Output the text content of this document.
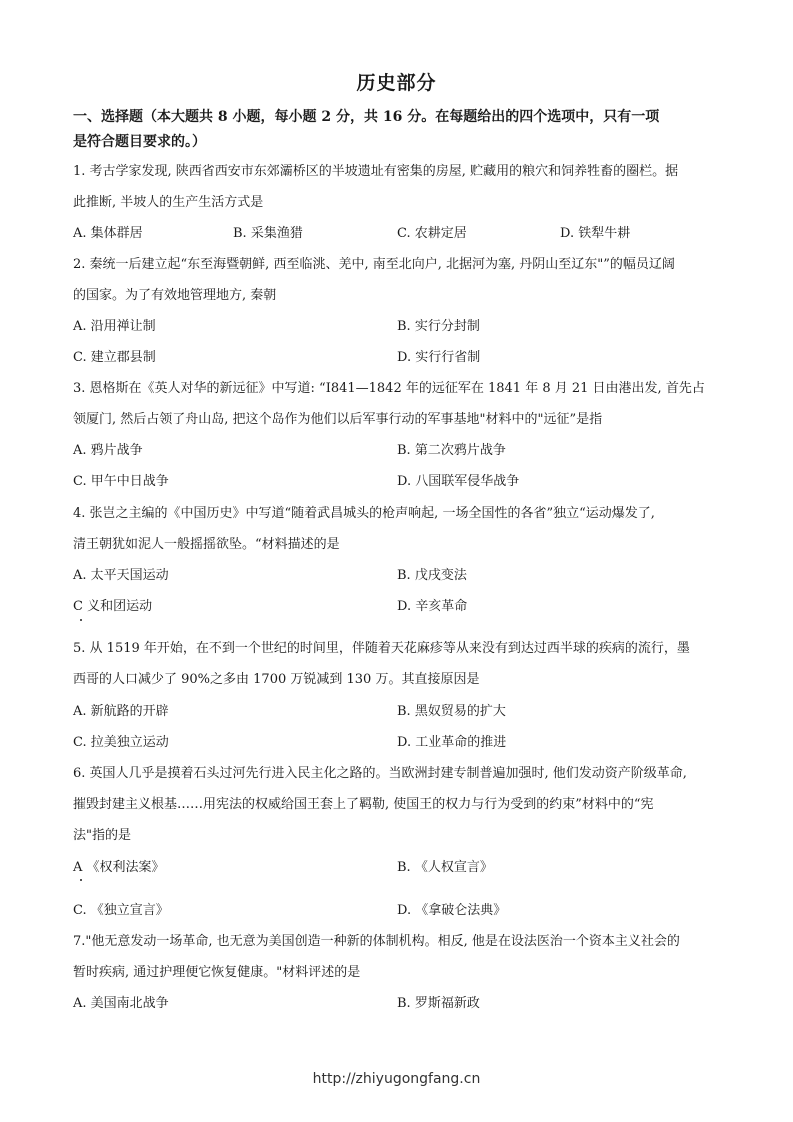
历史部分
一、选择题（本大题共 8 小题，每小题 2 分，共 16 分。在每题给出的四个选项中，只有一项
是符合题目要求的。）
1. 考古学家发现, 陕西省西安市东郊灞桥区的半坡遗址有密集的房屋, 贮藏用的粮穴和饲养牲畜的圈栏。据
此推断, 半坡人的生产生活方式是
A. 集体群居	B. 采集渔猎	C. 农耕定居	D. 铁犁牛耕
2. 秦统一后建立起“东至海暨朝鲜, 西至临洮、羌中, 南至北向户, 北据河为塞, 丹阴山至辽东"”的幅员辽阔
的国家。为了有效地管理地方, 秦朝
A. 沿用禅让制	B. 实行分封制
C. 建立郡县制	D. 实行行省制
3. 恩格斯在《英人对华的新远征》中写道: “I841—1842 年的远征军在 1841 年 8 月 21 日由港出发, 首先占
领厦门, 然后占领了舟山岛, 把这个岛作为他们以后军事行动的军事基地"材料中的"远征”是指
A. 鸦片战争	B. 第二次鸦片战争
C. 甲午中日战争	D. 八国联军侵华战争
4. 张岂之主编的《中国历史》中写道“随着武昌城头的枪声响起, 一场全国性的各省”独立“运动爆发了,
清王朝犹如泥人一般摇摇欲坠。“材料描述的是
A. 太平天国运动	B. 戊戌变法
C 义和团运动	D. 辛亥革命
5. 从 1519 年开始，在不到一个世纪的时间里，伴随着天花麻疹等从来没有到达过西半球的疾病的流行，墨
西哥的人口减少了 90%之多由 1700 万锐减到 130 万。其直接原因是
A. 新航路的开辟	B. 黑奴贸易的扩大
C. 拉美独立运动	D. 工业革命的推进
6. 英国人几乎是摸着石头过河先行进入民主化之路的。当欧洲封建专制普遍加强时, 他们发动资产阶级革命,
摧毁封建主义根基……用宪法的权威给国王套上了羁勒, 使国王的权力与行为受到的约束”材料中的“宪
法"指的是
A 《权利法案》	B. 《人权宣言》
C. 《独立宣言》	D. 《拿破仑法典》
7."他无意发动一场革命, 也无意为美国创造一种新的体制机构。相反, 他是在设法医治一个资本主义社会的
暂时疾病, 通过护理便它恢复健康。"材料评述的是
A. 美国南北战争	B. 罗斯福新政
http://zhiyugongfang.cn
